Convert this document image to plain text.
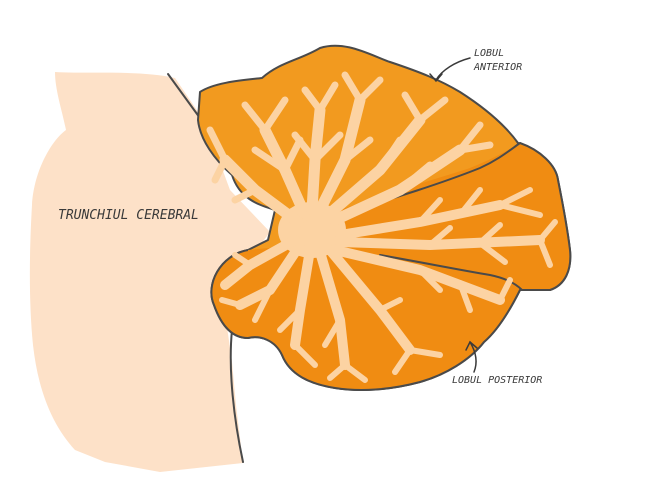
TRUNCHIUL CEREBRAL
LOBUL
ANTERIOR
LOBUL POSTERIOR
